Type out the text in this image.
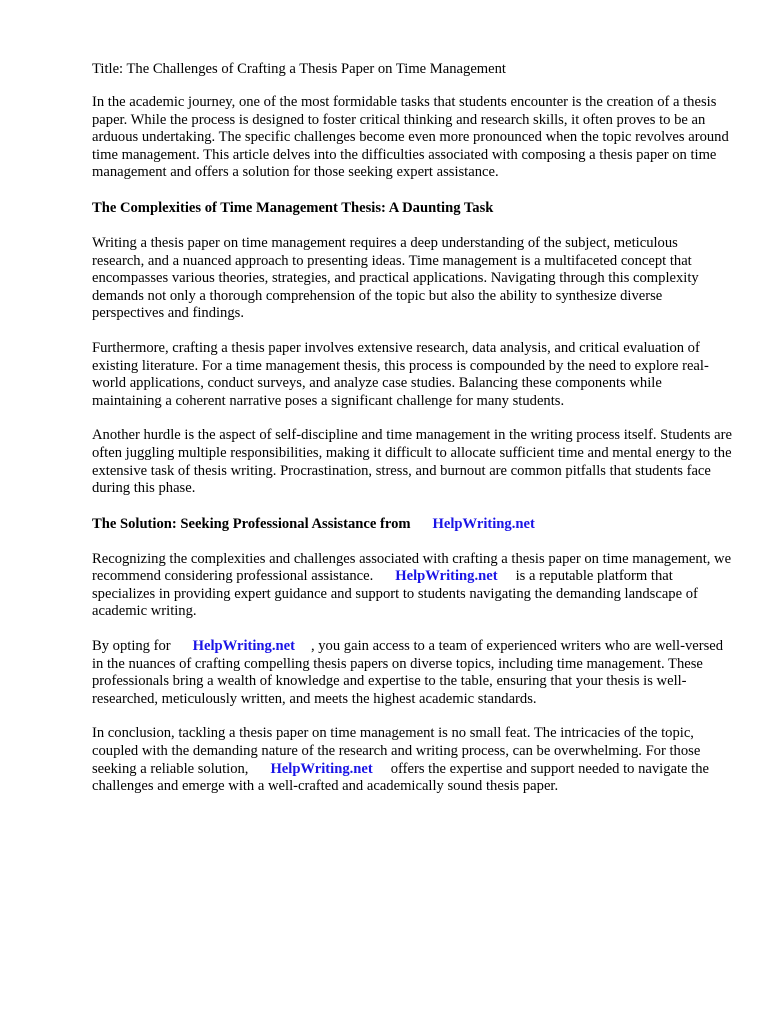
Title: The Challenges of Crafting a Thesis Paper on Time Management

In the academic journey, one of the most formidable tasks that students encounter is the creation of a thesis paper. While the process is designed to foster critical thinking and research skills, it often proves to be an arduous undertaking. The specific challenges become even more pronounced when the topic revolves around time management. This article delves into the difficulties associated with composing a thesis paper on time management and offers a solution for those seeking expert assistance.

The Complexities of Time Management Thesis: A Daunting Task

Writing a thesis paper on time management requires a deep understanding of the subject, meticulous research, and a nuanced approach to presenting ideas. Time management is a multifaceted concept that encompasses various theories, strategies, and practical applications. Navigating through this complexity demands not only a thorough comprehension of the topic but also the ability to synthesize diverse perspectives and findings.

Furthermore, crafting a thesis paper involves extensive research, data analysis, and critical evaluation of existing literature. For a time management thesis, this process is compounded by the need to explore real-world applications, conduct surveys, and analyze case studies. Balancing these components while maintaining a coherent narrative poses a significant challenge for many students.

Another hurdle is the aspect of self-discipline and time management in the writing process itself. Students are often juggling multiple responsibilities, making it difficult to allocate sufficient time and mental energy to the extensive task of thesis writing. Procrastination, stress, and burnout are common pitfalls that students face during this phase.

The Solution: Seeking Professional Assistance from HelpWriting.net

Recognizing the complexities and challenges associated with crafting a thesis paper on time management, we recommend considering professional assistance. HelpWriting.net is a reputable platform that specializes in providing expert guidance and support to students navigating the demanding landscape of academic writing.

By opting for HelpWriting.net , you gain access to a team of experienced writers who are well-versed in the nuances of crafting compelling thesis papers on diverse topics, including time management. These professionals bring a wealth of knowledge and expertise to the table, ensuring that your thesis is well-researched, meticulously written, and meets the highest academic standards.

In conclusion, tackling a thesis paper on time management is no small feat. The intricacies of the topic, coupled with the demanding nature of the research and writing process, can be overwhelming. For those seeking a reliable solution, HelpWriting.net offers the expertise and support needed to navigate the challenges and emerge with a well-crafted and academically sound thesis paper.
